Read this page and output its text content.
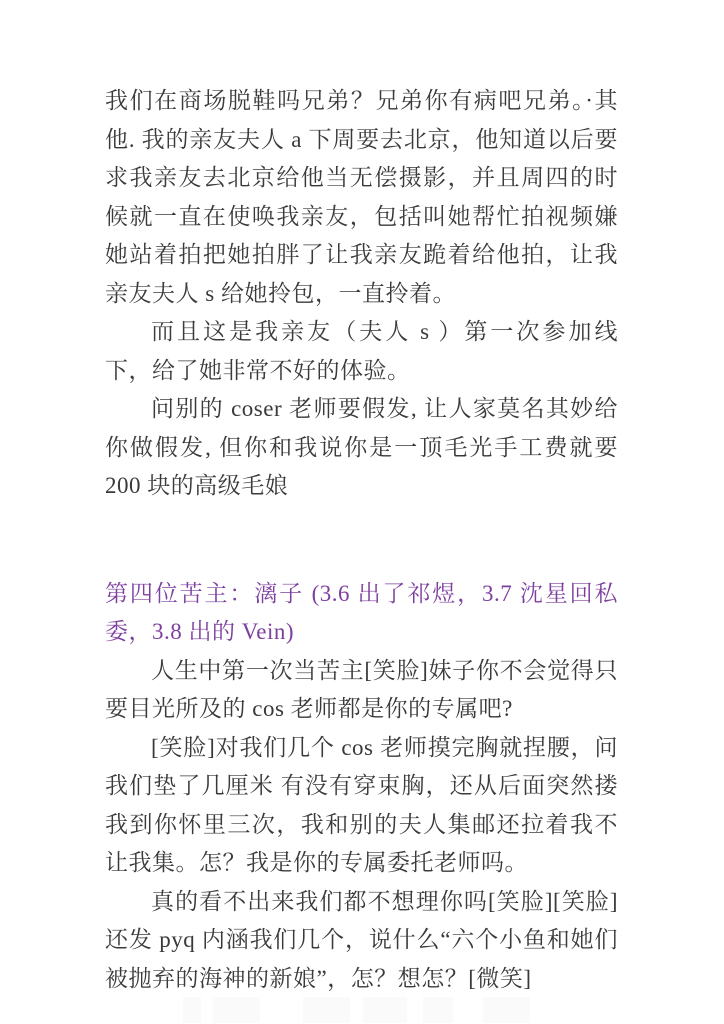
我们在商场脱鞋吗兄弟？兄弟你有病吧兄弟。·其他. 我的亲友夫人 a 下周要去北京，他知道以后要求我亲友去北京给他当无偿摄影，并且周四的时候就一直在使唤我亲友，包括叫她帮忙拍视频嫌她站着拍把她拍胖了让我亲友跪着给他拍，让我亲友夫人 s 给她拎包，一直拎着。

而且这是我亲友（夫人 s ）第一次参加线下，给了她非常不好的体验。

问别的 coser 老师要假发, 让人家莫名其妙给你做假发, 但你和我说你是一顶毛光手工费就要 200 块的高级毛娘

第四位苦主：漓子 (3.6 出了祁煜，3.7 沈星回私委，3.8 出的 Vein)

人生中第一次当苦主[笑脸]妹子你不会觉得只要目光所及的 cos 老师都是你的专属吧?

[笑脸]对我们几个 cos 老师摸完胸就捏腰，问我们垫了几厘米 有没有穿束胸，还从后面突然搂我到你怀里三次，我和别的夫人集邮还拉着我不让我集。怎？我是你的专属委托老师吗。

真的看不出来我们都不想理你吗[笑脸][笑脸]还发 pyq 内涵我们几个，说什么“六个小鱼和她们被抛弃的海神的新娘”，怎？想怎？[微笑]
